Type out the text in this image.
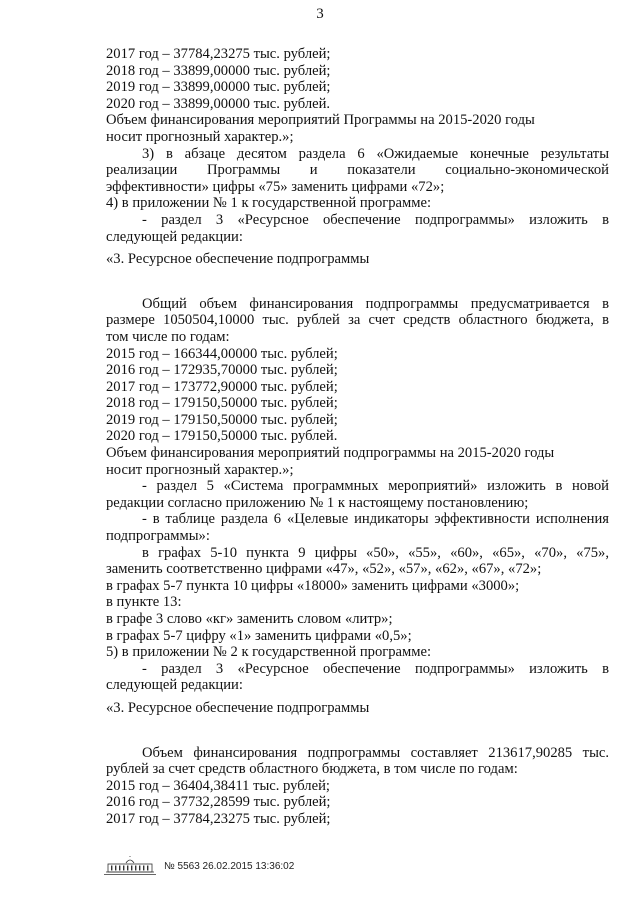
3

2017 год – 37784,23275 тыс. рублей;

2018 год – 33899,00000 тыс. рублей;

2019 год – 33899,00000 тыс. рублей;

2020 год – 33899,00000 тыс. рублей.

Объем финансирования мероприятий Программы на 2015-2020 годы

носит прогнозный характер.»;

3) в абзаце десятом раздела 6 «Ожидаемые конечные результаты

реализации Программы и показатели социально-экономической

эффективности» цифры «75» заменить цифрами «72»;

4) в приложении № 1 к государственной программе:

- раздел 3 «Ресурсное обеспечение подпрограммы» изложить в

следующей редакции:

«3. Ресурсное обеспечение подпрограммы

Общий объем финансирования подпрограммы предусматривается в

размере 1050504,10000 тыс. рублей за счет средств областного бюджета, в

том числе по годам:

2015 год – 166344,00000 тыс. рублей;

2016 год – 172935,70000 тыс. рублей;

2017 год – 173772,90000 тыс. рублей;

2018 год – 179150,50000 тыс. рублей;

2019 год – 179150,50000 тыс. рублей;

2020 год – 179150,50000 тыс. рублей.

Объем финансирования мероприятий подпрограммы на 2015-2020 годы

носит прогнозный характер.»;

- раздел 5 «Система программных мероприятий» изложить в новой

редакции согласно приложению № 1 к настоящему постановлению;

- в таблице раздела 6 «Целевые индикаторы эффективности исполнения

подпрограммы»:

в графах 5-10 пункта 9 цифры «50», «55», «60», «65», «70», «75»,

заменить соответственно цифрами «47», «52», «57», «62», «67», «72»;

в графах 5-7 пункта 10 цифры «18000» заменить цифрами «3000»;

в пункте 13:

в графе 3 слово «кг» заменить словом «литр»;

в графах 5-7 цифру «1» заменить цифрами «0,5»;

5) в приложении № 2 к государственной программе:

- раздел 3 «Ресурсное обеспечение подпрограммы» изложить в

следующей редакции:

«3. Ресурсное обеспечение подпрограммы

Объем финансирования подпрограммы составляет 213617,90285 тыс.

рублей за счет средств областного бюджета, в том числе по годам:

2015 год – 36404,38411 тыс. рублей;

2016 год – 37732,28599 тыс. рублей;

2017 год – 37784,23275 тыс. рублей;

№ 5563 26.02.2015 13:36:02
